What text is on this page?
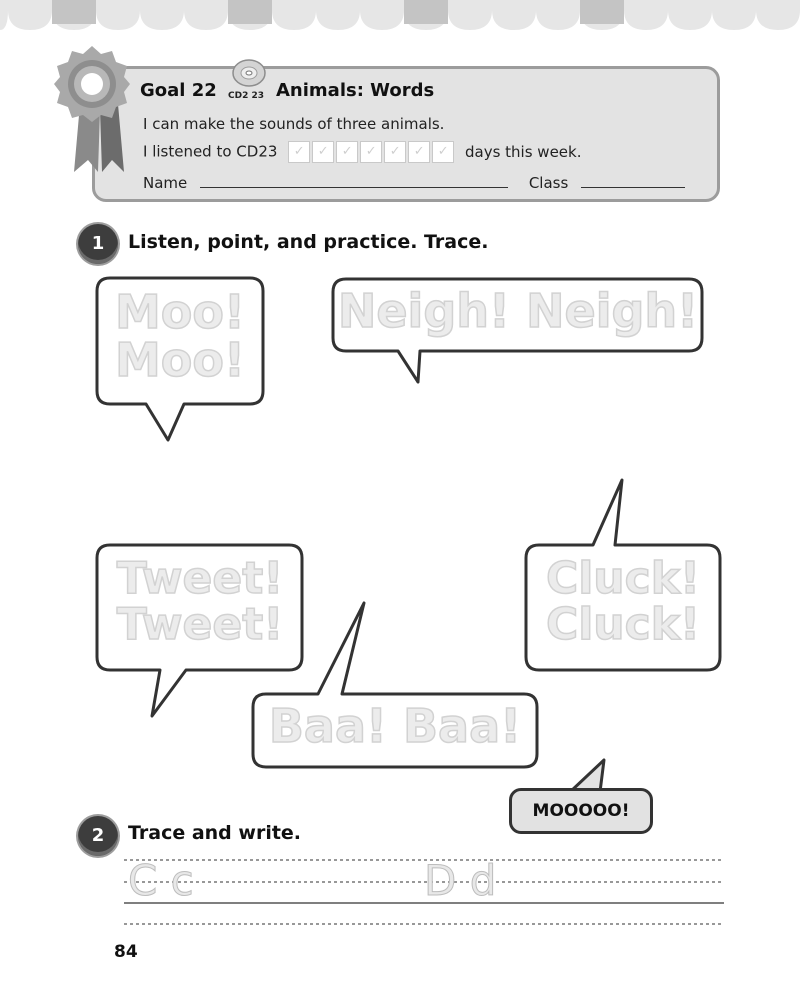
I can make the sounds of three animals.
I listened to CD23 ✓ ✓ ✓ ✓ ✓ ✓ ✓ days this week.
Name	Class
Goal 22 CD2 23 Animals: Words
1	Listen, point, and practice. Trace.
Moo!
Moo!
Neigh! Neigh!
Tweet!
Tweet!
Cluck!
Cluck!
Baa! Baa!
MOOOOO!
2	Trace and write.
C c	D d
84
